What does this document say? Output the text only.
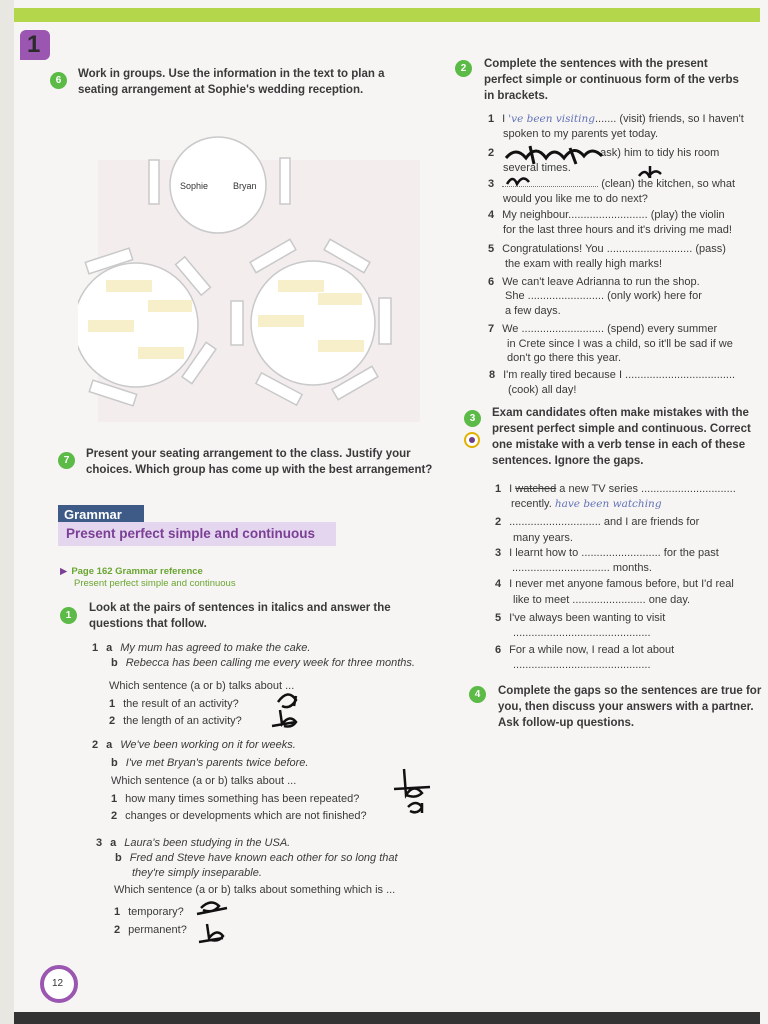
1
6
Work in groups. Use the information in the text to plan a
seating arrangement at Sophie's wedding reception.
Sophie	Bryan
7
Present your seating arrangement to the class. Justify your
choices. Which group has come up with the best arrangement?
Grammar
Present perfect simple and continuous
▶ Page 162 Grammar reference
Present perfect simple and continuous
1
Look at the pairs of sentences in italics and answer the
questions that follow.
1 a My mum has agreed to make the cake.
b Rebecca has been calling me every week for three months.
Which sentence (a or b) talks about ...
1 the result of an activity?
2 the length of an activity?
2 a We've been working on it for weeks.
b I've met Bryan's parents twice before.
Which sentence (a or b) talks about ...
1 how many times something has been repeated?
2 changes or developments which are not finished?
3 a Laura's been studying in the USA.
b Fred and Steve have known each other for so long that
they're simply inseparable.
Which sentence (a or b) talks about something which is ...
1 temporary?
2 permanent?
2	Complete the sentences with the present
perfect simple or continuous form of the verbs
in brackets.
1 I 've been visiting....... (visit) friends, so I haven't
spoken to my parents yet today.
2	ask) him to tidy his room
several times.
3	(clean) the kitchen, so what
would you like me to do next?
4 My neighbour.......................... (play) the violin
for the last three hours and it's driving me mad!
5 Congratulations! You ............................ (pass)
the exam with really high marks!
6 We can't leave Adrianna to run the shop.
She ......................... (only work) here for
a few days.
7 We ........................... (spend) every summer
in Crete since I was a child, so it'll be sad if we
don't go there this year.
8 I'm really tired because I ....................................
(cook) all day!
3	Exam candidates often make mistakes with the
present perfect simple and continuous. Correct
one mistake with a verb tense in each of these
sentences. Ignore the gaps.
1 I watched a new TV series ...............................
recently. have been watching
2 .............................. and I are friends for
many years.
3 I learnt how to .......................... for the past
................................ months.
4 I never met anyone famous before, but I'd real
like to meet ........................ one day.
5 I've always been wanting to visit
.............................................
6 For a while now, I read a lot about
.............................................
4	Complete the gaps so the sentences are true for
you, then discuss your answers with a partner.
Ask follow-up questions.
12
